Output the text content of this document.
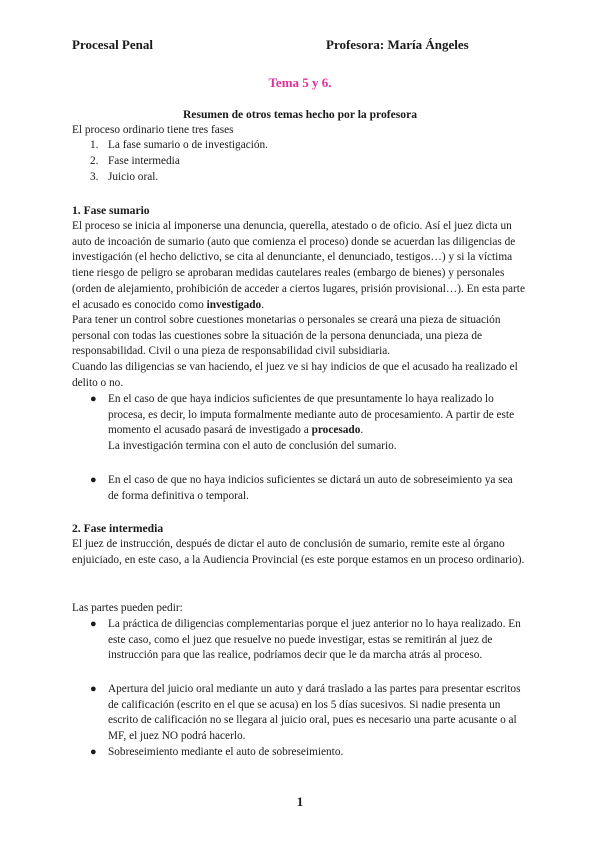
Procesal Penal	Profesora: María Ángeles
Tema 5 y 6.
Resumen de otros temas hecho por la profesora
El proceso ordinario tiene tres fases
1. La fase sumario o de investigación.
2. Fase intermedia
3. Juicio oral.
1. Fase sumario
El proceso se inicia al imponerse una denuncia, querella, atestado o de oficio. Así el juez dicta un auto de incoación de sumario (auto que comienza el proceso) donde se acuerdan las diligencias de investigación (el hecho delictivo, se cita al denunciante, el denunciado, testigos…) y si la víctima tiene riesgo de peligro se aprobaran medidas cautelares reales (embargo de bienes) y personales (orden de alejamiento, prohibición de acceder a ciertos lugares, prisión provisional…). En esta parte el acusado es conocido como investigado.
Para tener un control sobre cuestiones monetarias o personales se creará una pieza de situación personal con todas las cuestiones sobre la situación de la persona denunciada, una pieza de responsabilidad. Civil o una pieza de responsabilidad civil subsidiaria.
Cuando las diligencias se van haciendo, el juez ve si hay indicios de que el acusado ha realizado el delito o no.
● En el caso de que haya indicios suficientes de que presuntamente lo haya realizado lo procesa, es decir, lo imputa formalmente mediante auto de procesamiento. A partir de este momento el acusado pasará de investigado a procesado.
La investigación termina con el auto de conclusión del sumario.
● En el caso de que no haya indicios suficientes se dictará un auto de sobreseimiento ya sea de forma definitiva o temporal.
2. Fase intermedia
El juez de instrucción, después de dictar el auto de conclusión de sumario, remite este al órgano enjuiciado, en este caso, a la Audiencia Provincial (es este porque estamos en un proceso ordinario).
Las partes pueden pedir:
● La práctica de diligencias complementarias porque el juez anterior no lo haya realizado. En este caso, como el juez que resuelve no puede investigar, estas se remitirán al juez de instrucción para que las realice, podríamos decir que le da marcha atrás al proceso.
● Apertura del juicio oral mediante un auto y dará traslado a las partes para presentar escritos de calificación (escrito en el que se acusa) en los 5 días sucesivos. Si nadie presenta un escrito de calificación no se llegara al juicio oral, pues es necesario una parte acusante o al MF, el juez NO podrá hacerlo.
● Sobreseimiento mediante el auto de sobreseimiento.
1
